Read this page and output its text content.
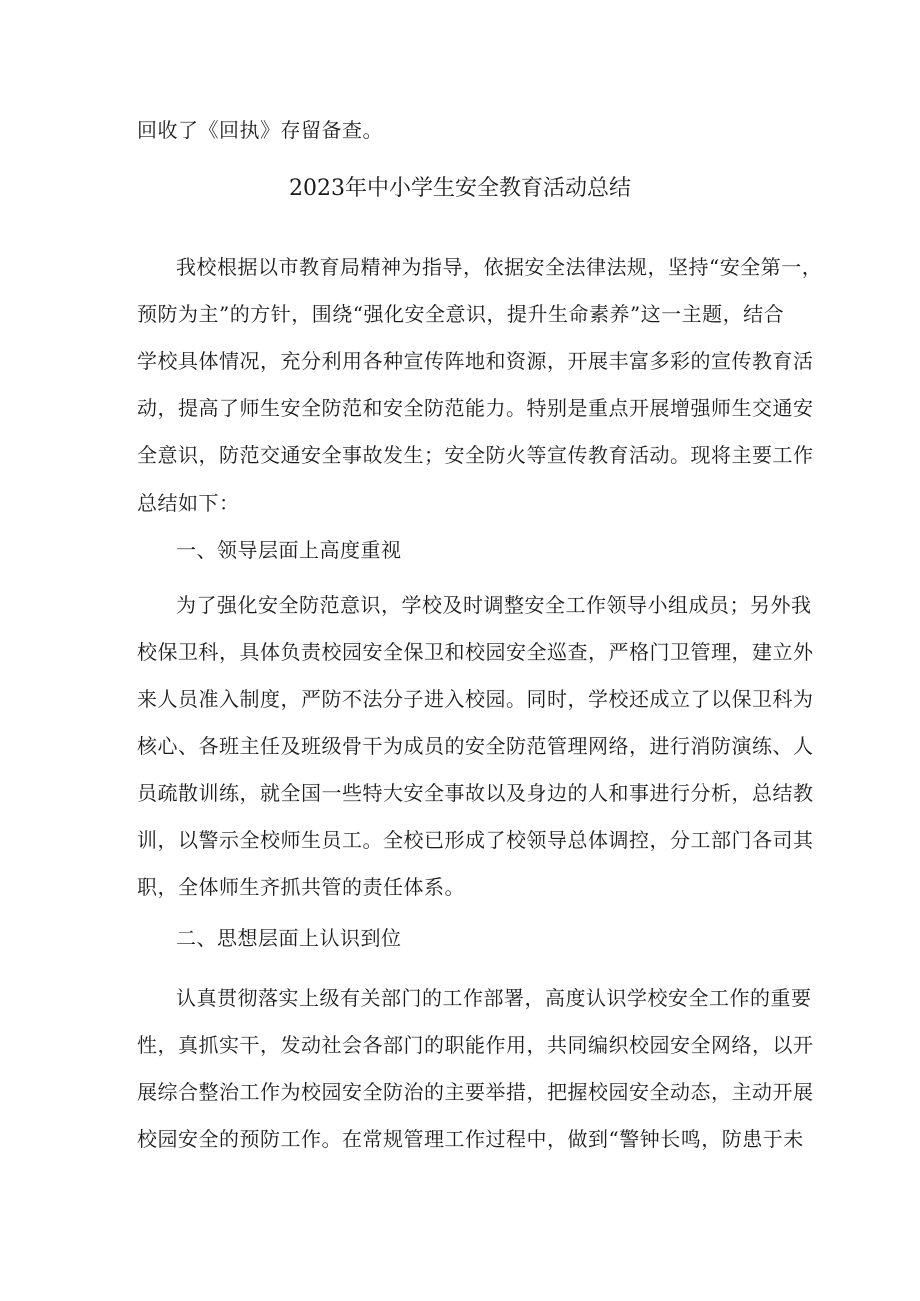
回收了《回执》存留备查。
2023年中小学生安全教育活动总结
我校根据以市教育局精神为指导，依据安全法律法规，坚持“安全第一，
预防为主”的方针，围绕“强化安全意识，提升生命素养”这一主题，结合
学校具体情况，充分利用各种宣传阵地和资源，开展丰富多彩的宣传教育活
动，提高了师生安全防范和安全防范能力。特别是重点开展增强师生交通安
全意识，防范交通安全事故发生；安全防火等宣传教育活动。现将主要工作
总结如下：
一、领导层面上高度重视
为了强化安全防范意识，学校及时调整安全工作领导小组成员；另外我
校保卫科，具体负责校园安全保卫和校园安全巡查，严格门卫管理，建立外
来人员准入制度，严防不法分子进入校园。同时，学校还成立了以保卫科为
核心、各班主任及班级骨干为成员的安全防范管理网络，进行消防演练、人
员疏散训练，就全国一些特大安全事故以及身边的人和事进行分析，总结教
训，以警示全校师生员工。全校已形成了校领导总体调控，分工部门各司其
职，全体师生齐抓共管的责任体系。
二、思想层面上认识到位
认真贯彻落实上级有关部门的工作部署，高度认识学校安全工作的重要
性，真抓实干，发动社会各部门的职能作用，共同编织校园安全网络，以开
展综合整治工作为校园安全防治的主要举措，把握校园安全动态，主动开展
校园安全的预防工作。在常规管理工作过程中，做到“警钟长鸣，防患于未
